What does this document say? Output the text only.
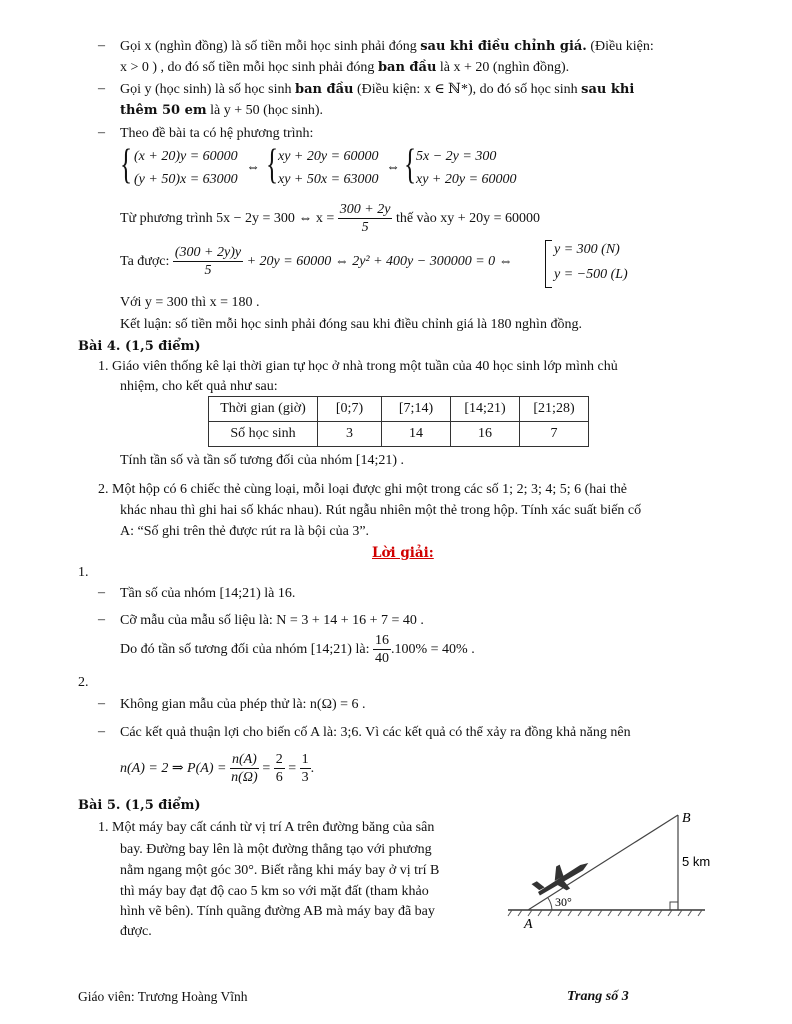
– Gọi x (nghìn đồng) là số tiền mỗi học sinh phải đóng sau khi điều chỉnh giá. (Điều kiện:
x > 0 ) , do đó số tiền mỗi học sinh phải đóng ban đầu là x + 20 (nghìn đồng).
– Gọi y (học sinh) là số học sinh ban đầu (Điều kiện: x ∈ ℕ*), do đó số học sinh sau khi
thêm 50 em là y + 50 (học sinh).
– Theo đề bài ta có hệ phương trình:
{ (x + 20)y = 60000
(y + 50)x = 63000
⇔ { xy + 20y = 60000
xy + 50x = 63000
⇔ { 5x − 2y = 300
xy + 20y = 60000
Từ phương trình 5x − 2y = 300 ⇔ $x = \frac{300 + 2y}{5}$ thế vào xy + 20y = 60000
Ta được: $\frac{(300 + 2y)y}{5} + 20y = 60000$ ⇔ 2y² + 400y − 300000 = 0 ⇔
y = 300 (N)
y = −500 (L)
Với y = 300 thì x = 180 .
Kết luận: số tiền mỗi học sinh phải đóng sau khi điều chỉnh giá là 180 nghìn đồng.
Bài 4. (1,5 điểm)
1. Giáo viên thống kê lại thời gian tự học ở nhà trong một tuần của 40 học sinh lớp mình chủ
nhiệm, cho kết quả như sau:
Thời gian (giờ)	[0;7)	[7;14)	[14;21)	[21;28)
Số học sinh	3	14	16	7
Tính tần số và tần số tương đối của nhóm [14;21) .
2. Một hộp có 6 chiếc thẻ cùng loại, mỗi loại được ghi một trong các số 1; 2; 3; 4; 5; 6 (hai thẻ
khác nhau thì ghi hai số khác nhau). Rút ngẫu nhiên một thẻ trong hộp. Tính xác suất biến cố
A: “Số ghi trên thẻ được rút ra là bội của 3”.
Lời giải:
1.
– Tần số của nhóm [14;21) là 16.
– Cỡ mẫu của mẫu số liệu là: N = 3 + 14 + 16 + 7 = 40 .
Do đó tần số tương đối của nhóm [14;21) là: $\frac{16}{40} .100\% = 40\%$ .
2.
– Không gian mẫu của phép thử là: n(Ω) = 6 .
– Các kết quả thuận lợi cho biến cố A là: 3;6. Vì các kết quả có thể xảy ra đồng khả năng nên
n(A) = 2 ⇒ $P(A) = \frac{n(A)}{n(\Omega)} = \frac{2}{6} = \frac{1}{3}$ .
Bài 5. (1,5 điểm)
1. Một máy bay cất cánh từ vị trí A trên đường băng của sân
bay. Đường bay lên là một đường thẳng tạo với phương
nằm ngang một góc 30°. Biết rằng khi máy bay ở vị trí B
thì máy bay đạt độ cao 5 km so với mặt đất (tham khảo
hình vẽ bên). Tính quãng đường AB mà máy bay đã bay
được.
B
5 km
30°
A
Giáo viên: Trương Hoàng Vĩnh	Trang số 3
